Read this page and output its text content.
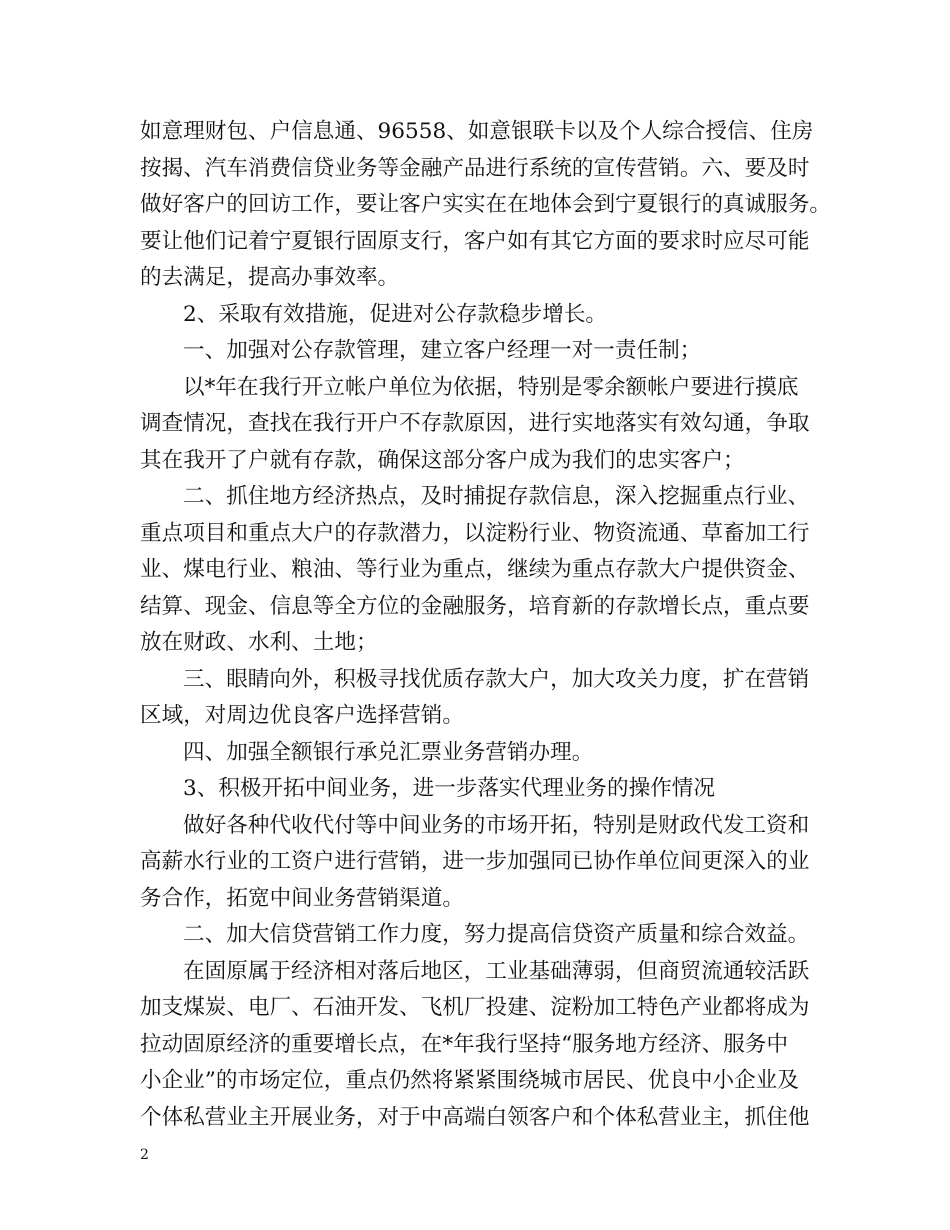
如意理财包、户信息通、96558、如意银联卡以及个人综合授信、住房
按揭、汽车消费信贷业务等金融产品进行系统的宣传营销。六、要及时
做好客户的回访工作，要让客户实实在在地体会到宁夏银行的真诚服务。
要让他们记着宁夏银行固原支行，客户如有其它方面的要求时应尽可能
的去满足，提高办事效率。
2、采取有效措施，促进对公存款稳步增长。
一、加强对公存款管理，建立客户经理一对一责任制；
以*年在我行开立帐户单位为依据，特别是零余额帐户要进行摸底
调查情况，查找在我行开户不存款原因，进行实地落实有效勾通，争取
其在我开了户就有存款，确保这部分客户成为我们的忠实客户；
二、抓住地方经济热点，及时捕捉存款信息，深入挖掘重点行业、
重点项目和重点大户的存款潜力，以淀粉行业、物资流通、草畜加工行
业、煤电行业、粮油、等行业为重点，继续为重点存款大户提供资金、
结算、现金、信息等全方位的金融服务，培育新的存款增长点，重点要
放在财政、水利、土地；
三、眼睛向外，积极寻找优质存款大户，加大攻关力度，扩在营销
区域，对周边优良客户选择营销。
四、加强全额银行承兑汇票业务营销办理。
3、积极开拓中间业务，进一步落实代理业务的操作情况
做好各种代收代付等中间业务的市场开拓，特别是财政代发工资和
高薪水行业的工资户进行营销，进一步加强同已协作单位间更深入的业
务合作，拓宽中间业务营销渠道。
二、加大信贷营销工作力度，努力提高信贷资产质量和综合效益。
在固原属于经济相对落后地区，工业基础薄弱，但商贸流通较活跃
加支煤炭、电厂、石油开发、飞机厂投建、淀粉加工特色产业都将成为
拉动固原经济的重要增长点，在*年我行坚持“服务地方经济、服务中
小企业”的市场定位，重点仍然将紧紧围绕城市居民、优良中小企业及
个体私营业主开展业务，对于中高端白领客户和个体私营业主，抓住他
2
